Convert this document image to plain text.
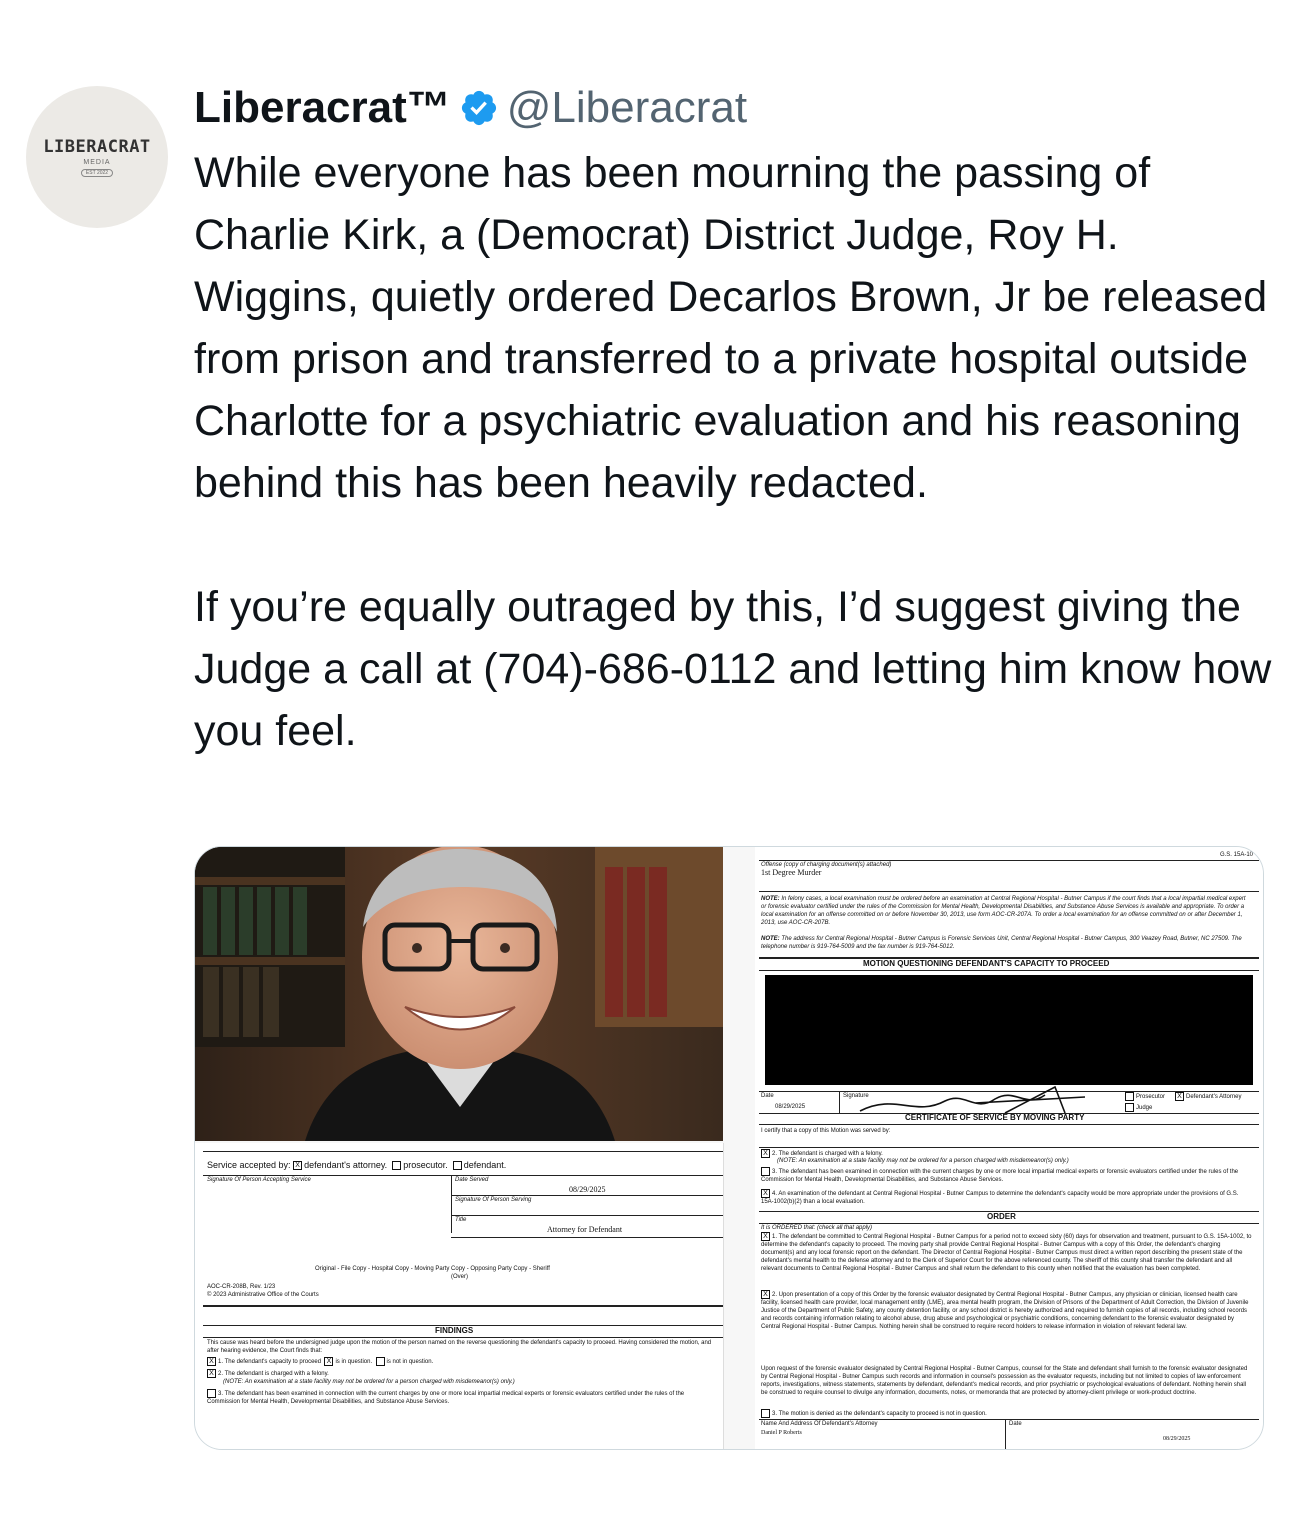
LIBERACRAT
MEDIA
EST 2022
Liberacrat™ @Liberacrat

While everyone has been mourning the passing of Charlie Kirk, a (Democrat) District Judge, Roy H. Wiggins, quietly ordered Decarlos Brown, Jr be released from prison and transferred to a private hospital outside Charlotte for a psychiatric evaluation and his reasoning behind this has been heavily redacted.

If you’re equally outraged by this, I’d suggest giving the Judge a call at (704)-686-0112 and letting him know how you feel.

Service accepted by: X defendant's attorney. prosecutor. defendant.
Signature Of Person Accepting Service	Date Served
08/29/2025
Signature Of Person Serving
Title
Attorney for Defendant
Original - File Copy - Hospital Copy - Moving Party Copy - Opposing Party Copy - Sheriff
(Over)
AOC-CR-208B, Rev. 1/23
© 2023 Administrative Office of the Courts
FINDINGS
This cause was heard before the undersigned judge upon the motion of the person named on the reverse questioning the defendant's capacity to proceed. Having considered the motion, and after hearing evidence, the Court finds that:
X 1. The defendant's capacity to proceed X is in question. is not in question.
X 2. The defendant is charged with a felony.
(NOTE: An examination at a state facility may not be ordered for a person charged with misdemeanor(s) only.)
3. The defendant has been examined in connection with the current charges by one or more local impartial medical experts or forensic evaluators certified under the rules of the Commission for Mental Health, Developmental Disabilities, and Substance Abuse Services.
G.S. 15A-10
Offense (copy of charging document(s) attached)
1st Degree Murder
NOTE: In felony cases, a local examination must be ordered before an examination at Central Regional Hospital - Butner Campus if the court finds that a local impartial medical expert or forensic evaluator certified under the rules of the Commission for Mental Health, Developmental Disabilities, and Substance Abuse Services is available and appropriate. To order a local examination for an offense committed on or before November 30, 2013, use form AOC-CR-207A. To order a local examination for an offense committed on or after December 1, 2013, use AOC-CR-207B.
NOTE: The address for Central Regional Hospital - Butner Campus is Forensic Services Unit, Central Regional Hospital - Butner Campus, 300 Veazey Road, Butner, NC 27509. The telephone number is 919-764-5009 and the fax number is 919-764-5012.
MOTION QUESTIONING DEFENDANT'S CAPACITY TO PROCEED
Date
08/29/2025
Signature	Prosecutor
Judge
X Defendant's Attorney
CERTIFICATE OF SERVICE BY MOVING PARTY
I certify that a copy of this Motion was served by:
X 2. The defendant is charged with a felony.
(NOTE: An examination at a state facility may not be ordered for a person charged with misdemeanor(s) only.)
3. The defendant has been examined in connection with the current charges by one or more local impartial medical experts or forensic evaluators certified under the rules of the Commission for Mental Health, Developmental Disabilities, and Substance Abuse Services.
X 4. An examination of the defendant at Central Regional Hospital - Butner Campus to determine the defendant's capacity would be more appropriate under the provisions of G.S. 15A-1002(b)(2) than a local evaluation.
ORDER
It is ORDERED that: (check all that apply)
X 1. The defendant be committed to Central Regional Hospital - Butner Campus for a period not to exceed sixty (60) days for observation and treatment, pursuant to G.S. 15A-1002, to determine the defendant's capacity to proceed. The moving party shall provide Central Regional Hospital - Butner Campus with a copy of this Order, the defendant's charging document(s) and any local forensic report on the defendant. The Director of Central Regional Hospital - Butner Campus must direct a written report describing the present state of the defendant's mental health to the defense attorney and to the Clerk of Superior Court for the above referenced county. The sheriff of this county shall transfer the defendant and all relevant documents to Central Regional Hospital - Butner Campus and shall return the defendant to this county when notified that the evaluation has been completed.
X 2. Upon presentation of a copy of this Order by the forensic evaluator designated by Central Regional Hospital - Butner Campus, any physician or clinician, licensed health care facility, licensed health care provider, local management entity (LME), area mental health program, the Division of Prisons of the Department of Adult Correction, the Division of Juvenile Justice of the Department of Public Safety, any county detention facility, or any school district is hereby authorized and required to furnish copies of all records, including school records and records containing information relating to alcohol abuse, drug abuse and psychological or psychiatric conditions, concerning defendant to the forensic evaluator designated by Central Regional Hospital - Butner Campus. Nothing herein shall be construed to require record holders to release information in violation of relevant federal law.
Upon request of the forensic evaluator designated by Central Regional Hospital - Butner Campus, counsel for the State and defendant shall furnish to the forensic evaluator designated by Central Regional Hospital - Butner Campus such records and information in counsel's possession as the evaluator requests, including but not limited to copies of law enforcement reports, investigations, witness statements, statements by defendant, defendant's medical records, and prior psychiatric or psychological evaluations of defendant. Nothing herein shall be construed to require counsel to divulge any information, documents, notes, or memoranda that are protected by attorney-client privilege or work-product doctrine.
3. The motion is denied as the defendant's capacity to proceed is not in question.
Name And Address Of Defendant's Attorney
Daniel P Roberts
Date
08/29/2025
